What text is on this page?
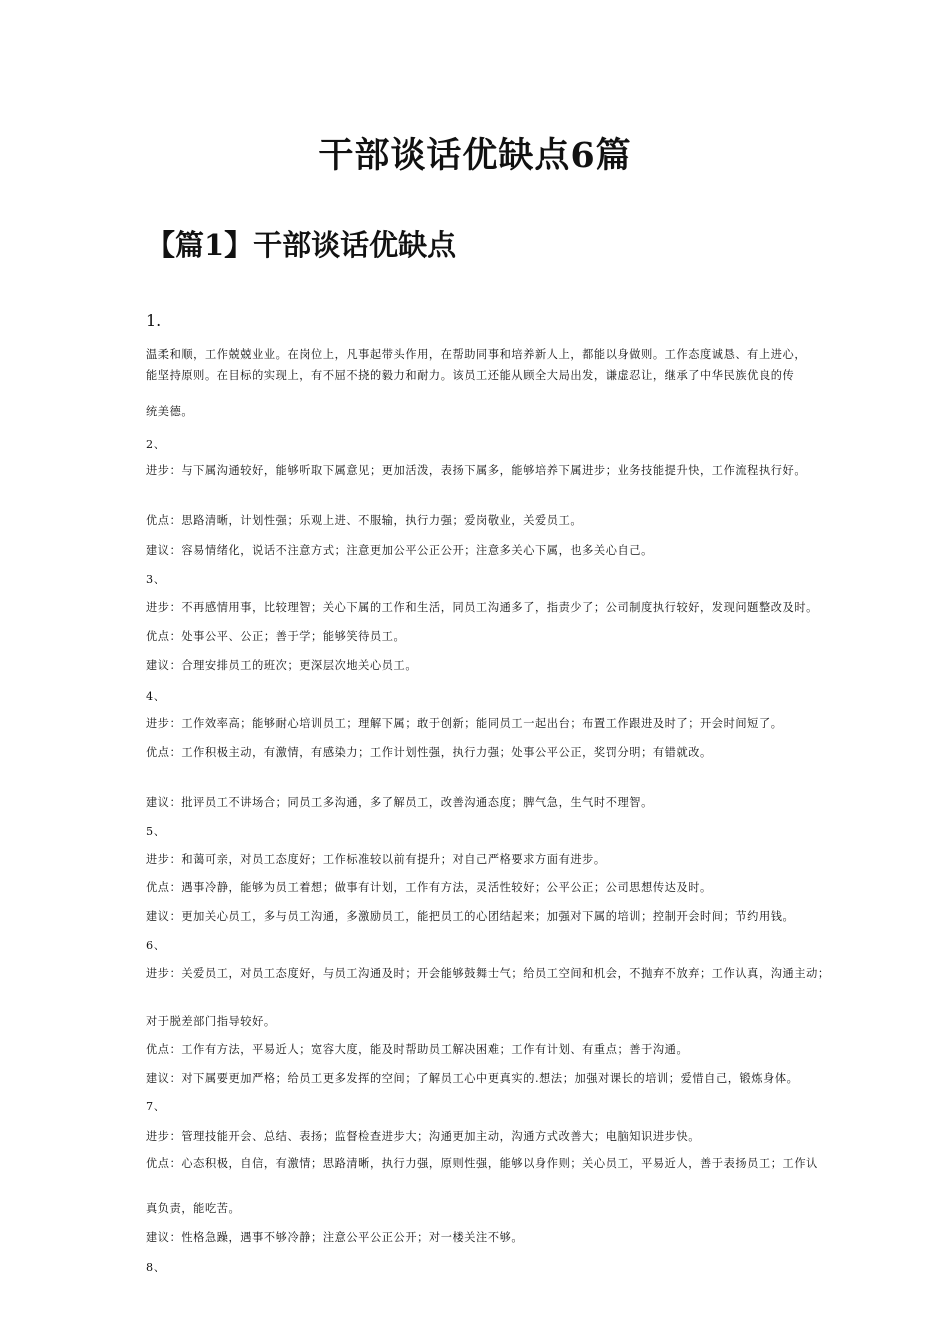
干部谈话优缺点6篇
【篇1】干部谈话优缺点
1.
温柔和顺，工作兢兢业业。在岗位上，凡事起带头作用，在帮助同事和培养新人上，都能以身做则。工作态度诚恳、有上进心，
能坚持原则。在目标的实现上，有不屈不挠的毅力和耐力。该员工还能从顾全大局出发，谦虚忍让，继承了中华民族优良的传
统美德。
2、
进步：与下属沟通较好，能够听取下属意见；更加活泼，表扬下属多，能够培养下属进步；业务技能提升快，工作流程执行好。
优点：思路清晰，计划性强；乐观上进、不服输，执行力强；爱岗敬业，关爱员工。
建议：容易情绪化，说话不注意方式；注意更加公平公正公开；注意多关心下属，也多关心自己。
3、
进步：不再感情用事，比较理智；关心下属的工作和生活，同员工沟通多了，指责少了；公司制度执行较好，发现问题整改及时。
优点：处事公平、公正；善于学；能够笑待员工。
建议：合理安排员工的班次；更深层次地关心员工。
4、
进步：工作效率高；能够耐心培训员工；理解下属；敢于创新；能同员工一起出台；布置工作跟进及时了；开会时间短了。
优点：工作积极主动，有激情，有感染力；工作计划性强，执行力强；处事公平公正，奖罚分明；有错就改。
建议：批评员工不讲场合；同员工多沟通，多了解员工，改善沟通态度；脾气急，生气时不理智。
5、
进步：和蔼可亲，对员工态度好；工作标准较以前有提升；对自己严格要求方面有进步。
优点：遇事冷静，能够为员工着想；做事有计划，工作有方法，灵活性较好；公平公正；公司思想传达及时。
建议：更加关心员工，多与员工沟通，多激励员工，能把员工的心团结起来；加强对下属的培训；控制开会时间；节约用钱。
6、
进步：关爱员工，对员工态度好，与员工沟通及时；开会能够鼓舞士气；给员工空间和机会，不抛弃不放弃；工作认真，沟通主动；
对于脱差部门指导较好。
优点：工作有方法，平易近人；宽容大度，能及时帮助员工解决困难；工作有计划、有重点；善于沟通。
建议：对下属要更加严格；给员工更多发挥的空间；了解员工心中更真实的.想法；加强对课长的培训；爱惜自己，锻炼身体。
7、
进步：管理技能开会、总结、表扬；监督检查进步大；沟通更加主动，沟通方式改善大；电脑知识进步快。
优点：心态积极，自信，有激情；思路清晰，执行力强，原则性强，能够以身作则；关心员工，平易近人，善于表扬员工；工作认
真负责，能吃苦。
建议：性格急躁，遇事不够冷静；注意公平公正公开；对一楼关注不够。
8、
